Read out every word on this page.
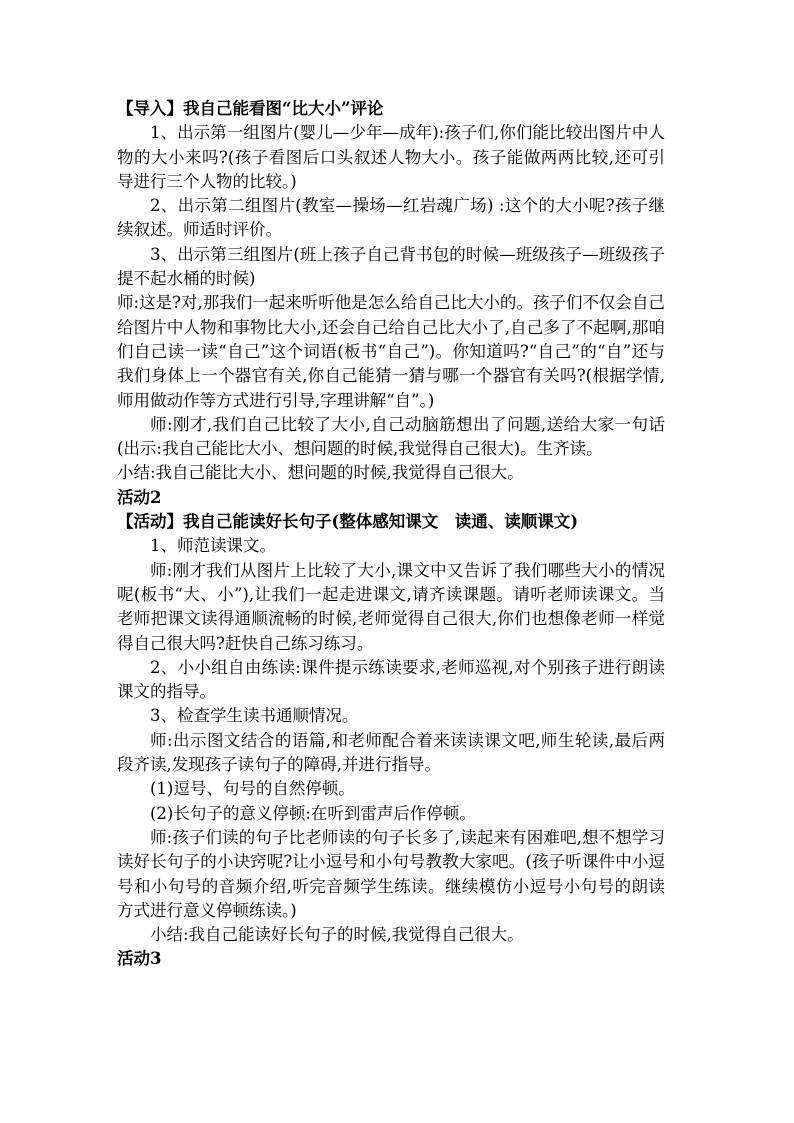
【导入】我自己能看图“比大小”评论

1、出示第一组图片(婴儿—少年—成年):孩子们,你们能比较出图片中人物的大小来吗?(孩子看图后口头叙述人物大小。孩子能做两两比较,还可引导进行三个人物的比较。)

2、出示第二组图片(教室—操场—红岩魂广场) :这个的大小呢?孩子继续叙述。师适时评价。

3、出示第三组图片(班上孩子自己背书包的时候—班级孩子—班级孩子提不起水桶的时候)

师:这是?对,那我们一起来听听他是怎么给自己比大小的。孩子们不仅会自己给图片中人物和事物比大小,还会自己给自己比大小了,自己多了不起啊,那咱们自己读一读“自己”这个词语(板书“自己”)。你知道吗?“自己”的“自”还与我们身体上一个器官有关,你自己能猜一猜与哪一个器官有关吗?(根据学情,师用做动作等方式进行引导,字理讲解“自”。)

师:刚才,我们自己比较了大小,自己动脑筋想出了问题,送给大家一句话(出示:我自己能比大小、想问题的时候,我觉得自己很大)。生齐读。

小结:我自己能比大小、想问题的时候,我觉得自己很大。

活动2

【活动】我自己能读好长句子(整体感知课文　读通、读顺课文)

1、师范读课文。

师:刚才我们从图片上比较了大小,课文中又告诉了我们哪些大小的情况呢(板书“大、小”),让我们一起走进课文,请齐读课题。请听老师读课文。当老师把课文读得通顺流畅的时候,老师觉得自己很大,你们也想像老师一样觉得自己很大吗?赶快自己练习练习。

2、小小组自由练读:课件提示练读要求,老师巡视,对个别孩子进行朗读课文的指导。

3、检查学生读书通顺情况。

师:出示图文结合的语篇,和老师配合着来读读课文吧,师生轮读,最后两段齐读,发现孩子读句子的障碍,并进行指导。

(1)逗号、句号的自然停顿。

(2)长句子的意义停顿:在听到雷声后作停顿。

师:孩子们读的句子比老师读的句子长多了,读起来有困难吧,想不想学习读好长句子的小诀窍呢?让小逗号和小句号教教大家吧。(孩子听课件中小逗号和小句号的音频介绍,听完音频学生练读。继续模仿小逗号小句号的朗读方式进行意义停顿练读。)

小结:我自己能读好长句子的时候,我觉得自己很大。

活动3
